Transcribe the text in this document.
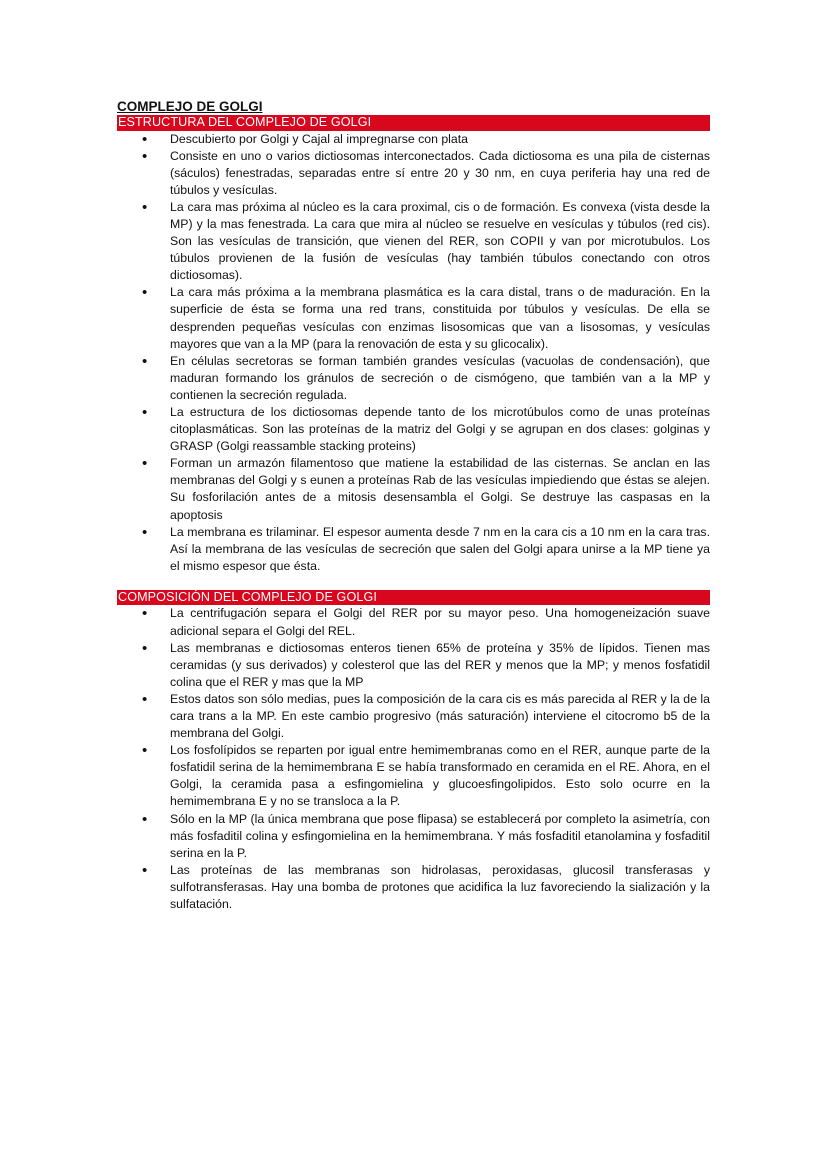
COMPLEJO DE GOLGI
ESTRUCTURA DEL COMPLEJO DE GOLGI
• Descubierto por Golgi y Cajal al impregnarse con plata
• Consiste en uno o varios dictiosomas interconectados. Cada dictiosoma es una pila de cisternas (sáculos) fenestradas, separadas entre sí entre 20 y 30 nm, en cuya periferia hay una red de túbulos y vesículas.
• La cara mas próxima al núcleo es la cara proximal, cis o de formación. Es convexa (vista desde la MP) y la mas fenestrada. La cara que mira al núcleo se resuelve en vesículas y túbulos (red cis). Son las vesículas de transición, que vienen del RER, son COPII y van por microtubulos. Los túbulos provienen de la fusión de vesículas (hay también túbulos conectando con otros dictiosomas).
• La cara más próxima a la membrana plasmática es la cara distal, trans o de maduración. En la superficie de ésta se forma una red trans, constituida por túbulos y vesículas. De ella se desprenden pequeñas vesículas con enzimas lisosomicas que van a lisosomas, y vesículas mayores que van a la MP (para la renovación de esta y su glicocalix).
• En células secretoras se forman también grandes vesículas (vacuolas de condensación), que maduran formando los gránulos de secreción o de cismógeno, que también van a la MP y contienen la secreción regulada.
• La estructura de los dictiosomas depende tanto de los microtúbulos como de unas proteínas citoplasmáticas. Son las proteínas de la matriz del Golgi y se agrupan en dos clases: golginas y GRASP (Golgi reassamble stacking proteins)
• Forman un armazón filamentoso que matiene la estabilidad de las cisternas. Se anclan en las membranas del Golgi y s eunen a proteínas Rab de las vesículas impiediendo que éstas se alejen. Su fosforilación antes de a mitosis desensambla el Golgi. Se destruye las caspasas en la apoptosis
• La membrana es trilaminar. El espesor aumenta desde 7 nm en la cara cis a 10 nm en la cara tras. Así la membrana de las vesículas de secreción que salen del Golgi apara unirse a la MP tiene ya el mismo espesor que ésta.
COMPOSICIÓN DEL COMPLEJO DE GOLGI
• La centrifugación separa el Golgi del RER por su mayor peso. Una homogeneización suave adicional separa el Golgi del REL.
• Las membranas e dictiosomas enteros tienen 65% de proteína y 35% de lípidos. Tienen mas ceramidas (y sus derivados) y colesterol que las del RER y menos que la MP; y menos fosfatidil colina que el RER y mas que la MP
• Estos datos son sólo medias, pues la composición de la cara cis es más parecida al RER y la de la cara trans a la MP. En este cambio progresivo (más saturación) interviene el citocromo b5 de la membrana del Golgi.
• Los fosfolípidos se reparten por igual entre hemimembranas como en el RER, aunque parte de la fosfatidil serina de la hemimembrana E se había transformado en ceramida en el RE. Ahora, en el Golgi, la ceramida pasa a esfingomielina y glucoesfingolipidos. Esto solo ocurre en la hemimembrana E y no se transloca a la P.
• Sólo en la MP (la única membrana que pose flipasa) se establecerá por completo la asimetría, con más fosfaditil colina y esfingomielina en la hemimembrana. Y más fosfaditil etanolamina y fosfaditil serina en la P.
• Las proteínas de las membranas son hidrolasas, peroxidasas, glucosil transferasas y sulfotransferasas. Hay una bomba de protones que acidifica la luz favoreciendo la sialización y la sulfatación.
